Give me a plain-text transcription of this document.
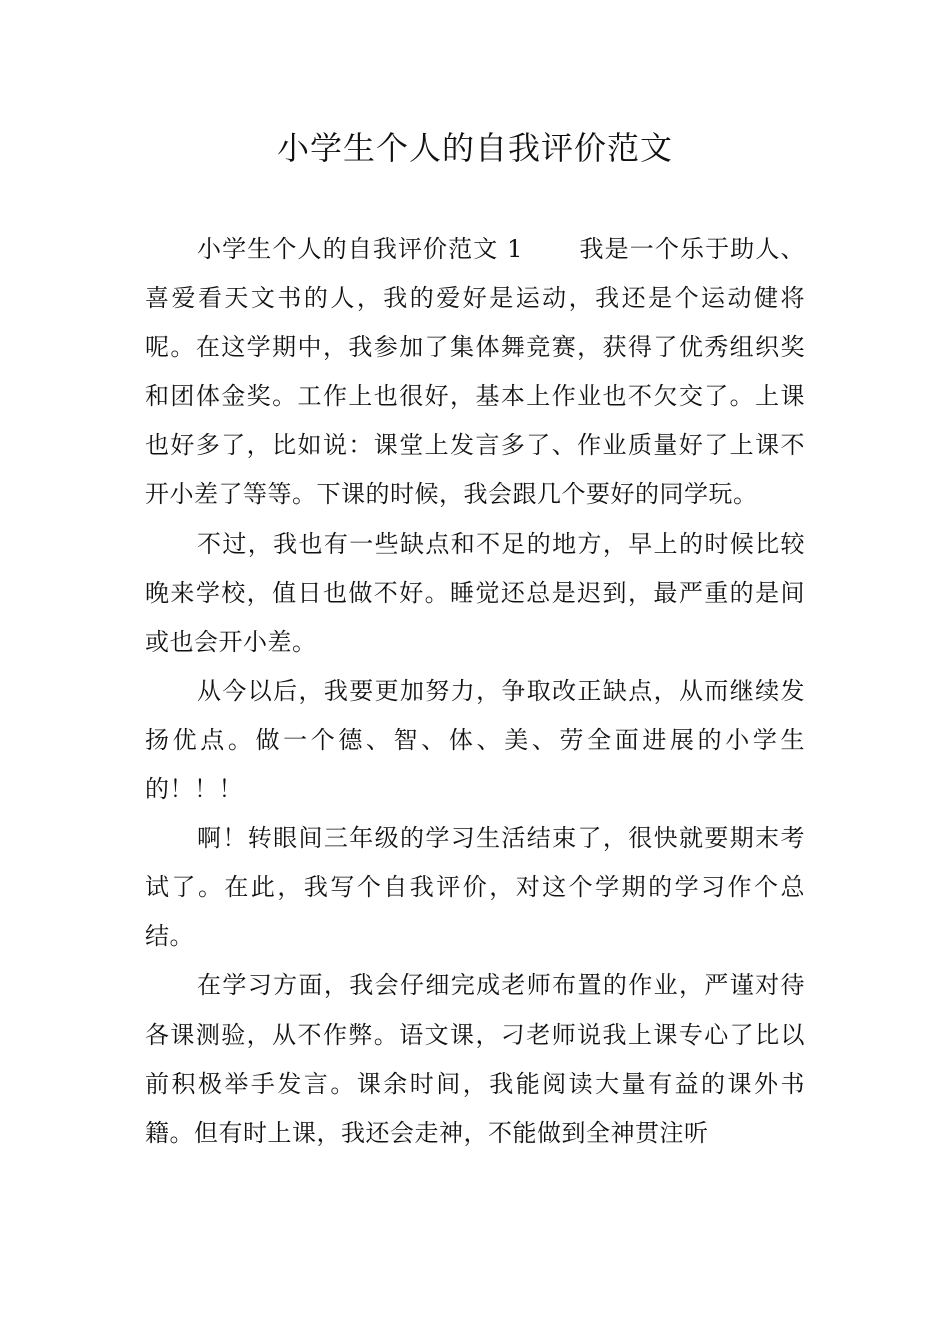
小学生个人的自我评价范文

小学生个人的自我评价范文 1 我是一个乐于助人、喜爱看天文书的人，我的爱好是运动，我还是个运动健将呢。在这学期中，我参加了集体舞竞赛，获得了优秀组织奖和团体金奖。工作上也很好，基本上作业也不欠交了。上课也好多了，比如说：课堂上发言多了、作业质量好了上课不开小差了等等。下课的时候，我会跟几个要好的同学玩。

不过，我也有一些缺点和不足的地方，早上的时候比较晚来学校，值日也做不好。睡觉还总是迟到，最严重的是间或也会开小差。

从今以后，我要更加努力，争取改正缺点，从而继续发扬优点。做一个德、智、体、美、劳全面进展的小学生的！！！

啊！转眼间三年级的学习生活结束了，很快就要期末考试了。在此，我写个自我评价，对这个学期的学习作个总结。

在学习方面，我会仔细完成老师布置的作业，严谨对待各课测验，从不作弊。语文课，刁老师说我上课专心了比以前积极举手发言。课余时间，我能阅读大量有益的课外书籍。但有时上课，我还会走神，不能做到全神贯注听
